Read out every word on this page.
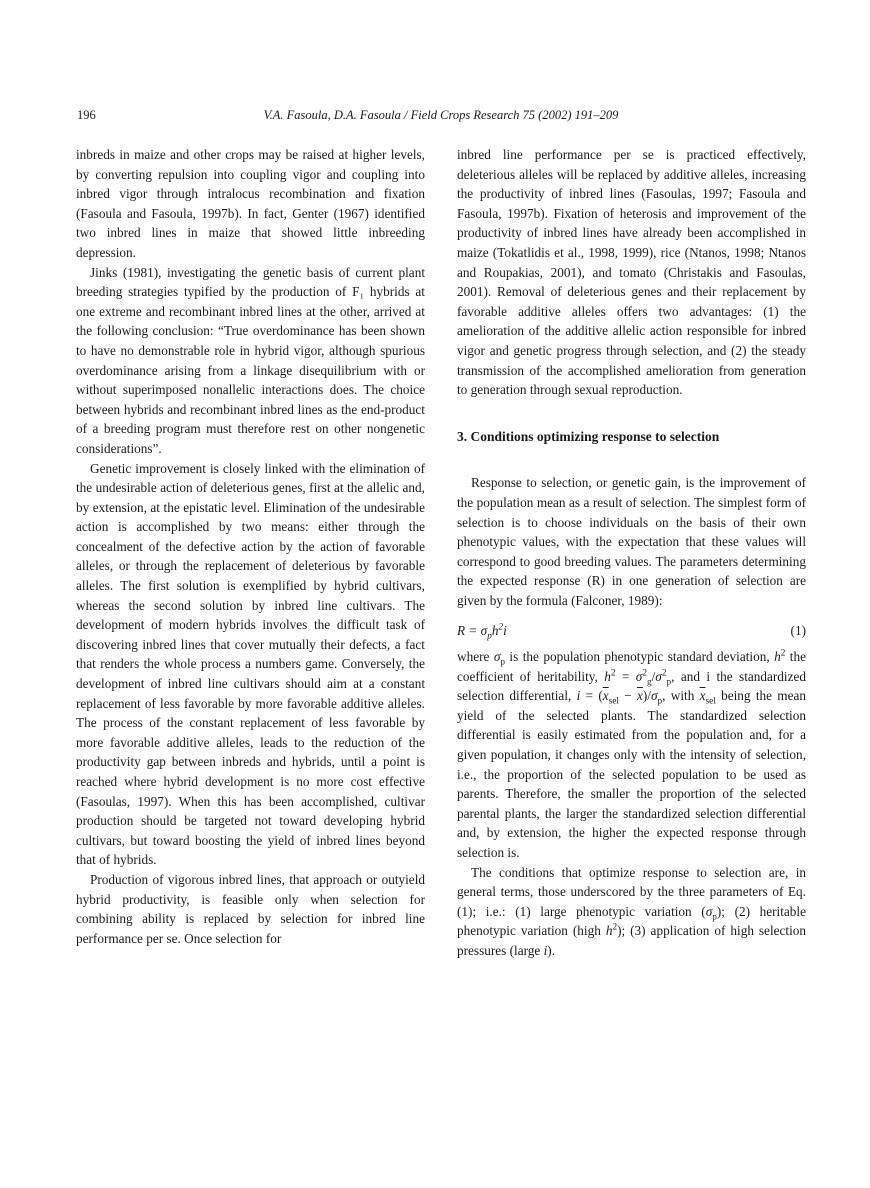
196	V.A. Fasoula, D.A. Fasoula / Field Crops Research 75 (2002) 191–209

inbreds in maize and other crops may be raised at higher levels, by converting repulsion into coupling vigor and coupling into inbred vigor through intralocus recombination and fixation (Fasoula and Fasoula, 1997b). In fact, Genter (1967) identified two inbred lines in maize that showed little inbreeding depression.

Jinks (1981), investigating the genetic basis of current plant breeding strategies typified by the production of F₁ hybrids at one extreme and recombinant inbred lines at the other, arrived at the following conclusion: “True overdominance has been shown to have no demonstrable role in hybrid vigor, although spurious overdominance arising from a linkage disequilibrium with or without superimposed nonallelic interactions does. The choice between hybrids and recombinant inbred lines as the end-product of a breeding program must therefore rest on other nongenetic considerations”.

Genetic improvement is closely linked with the elimination of the undesirable action of deleterious genes, first at the allelic and, by extension, at the epistatic level. Elimination of the undesirable action is accomplished by two means: either through the concealment of the defective action by the action of favorable alleles, or through the replacement of deleterious by favorable alleles. The first solution is exemplified by hybrid cultivars, whereas the second solution by inbred line cultivars. The development of modern hybrids involves the difficult task of discovering inbred lines that cover mutually their defects, a fact that renders the whole process a numbers game. Conversely, the development of inbred line cultivars should aim at a constant replacement of less favorable by more favorable additive alleles. The process of the constant replacement of less favorable by more favorable additive alleles, leads to the reduction of the productivity gap between inbreds and hybrids, until a point is reached where hybrid development is no more cost effective (Fasoulas, 1997). When this has been accomplished, cultivar production should be targeted not toward developing hybrid cultivars, but toward boosting the yield of inbred lines beyond that of hybrids.

Production of vigorous inbred lines, that approach or outyield hybrid productivity, is feasible only when selection for combining ability is replaced by selection for inbred line performance per se. Once selection for

inbred line performance per se is practiced effectively, deleterious alleles will be replaced by additive alleles, increasing the productivity of inbred lines (Fasoulas, 1997; Fasoula and Fasoula, 1997b). Fixation of heterosis and improvement of the productivity of inbred lines have already been accomplished in maize (Tokatlidis et al., 1998, 1999), rice (Ntanos, 1998; Ntanos and Roupakias, 2001), and tomato (Christakis and Fasoulas, 2001). Removal of deleterious genes and their replacement by favorable additive alleles offers two advantages: (1) the amelioration of the additive allelic action responsible for inbred vigor and genetic progress through selection, and (2) the steady transmission of the accomplished amelioration from generation to generation through sexual reproduction.

3. Conditions optimizing response to selection

Response to selection, or genetic gain, is the improvement of the population mean as a result of selection. The simplest form of selection is to choose individuals on the basis of their own phenotypic values, with the expectation that these values will correspond to good breeding values. The parameters determining the expected response (R) in one generation of selection are given by the formula (Falconer, 1989):

$R = \sigma_ph^2i$	(1)

where $\sigma_p$ is the population phenotypic standard deviation, $h^2$ the coefficient of heritability, $h^2 = \sigma^2_g/\sigma^2_p$, and i the standardized selection differential, $i = (\overline{x}_{sel} - \overline{x})/\sigma_p$, with $\overline{x}_{sel}$ being the mean yield of the selected plants. The standardized selection differential is easily estimated from the population and, for a given population, it changes only with the intensity of selection, i.e., the proportion of the selected population to be used as parents. Therefore, the smaller the proportion of the selected parental plants, the larger the standardized selection differential and, by extension, the higher the expected response through selection is.

The conditions that optimize response to selection are, in general terms, those underscored by the three parameters of Eq. (1); i.e.: (1) large phenotypic variation $(\sigma_p)$; (2) heritable phenotypic variation (high $h^2$); (3) application of high selection pressures (large i).
